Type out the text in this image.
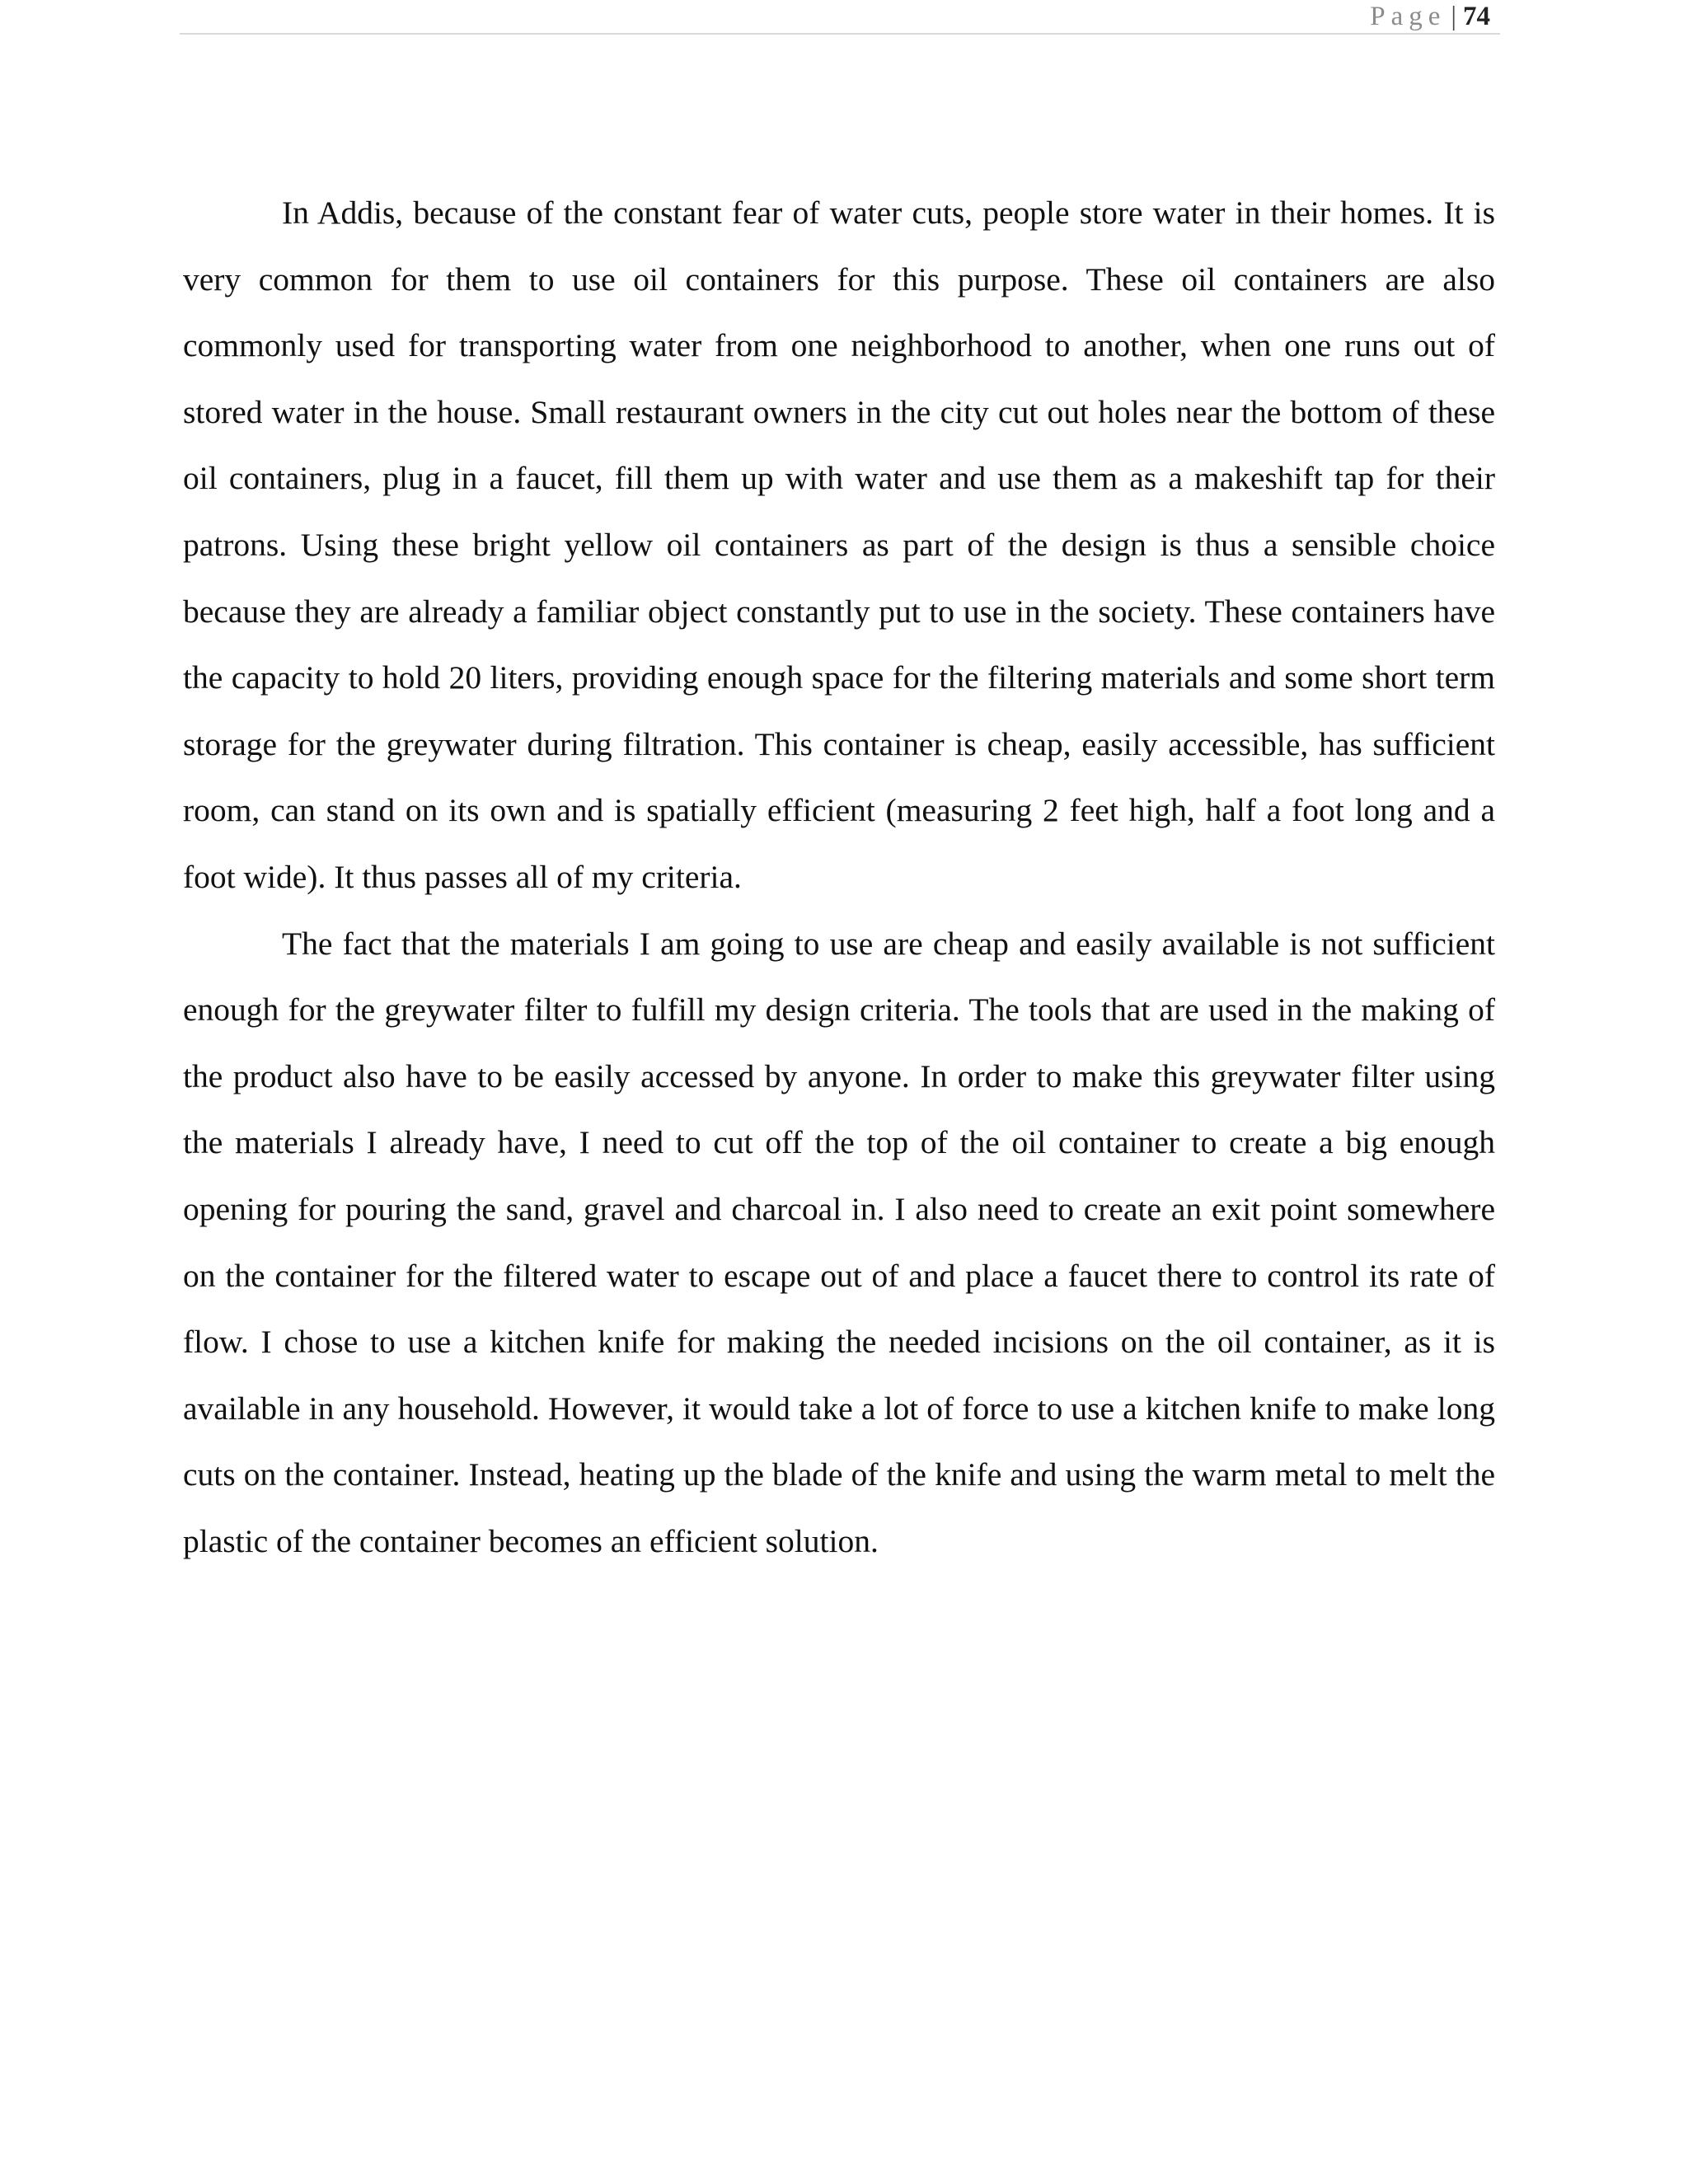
Page | 74

In Addis, because of the constant fear of water cuts, people store water in their homes. It is very common for them to use oil containers for this purpose. These oil containers are also commonly used for transporting water from one neighborhood to another, when one runs out of stored water in the house. Small restaurant owners in the city cut out holes near the bottom of these oil containers, plug in a faucet, fill them up with water and use them as a makeshift tap for their patrons. Using these bright yellow oil containers as part of the design is thus a sensible choice because they are already a familiar object constantly put to use in the society. These containers have the capacity to hold 20 liters, providing enough space for the filtering materials and some short term storage for the greywater during filtration. This container is cheap, easily accessible, has sufficient room, can stand on its own and is spatially efficient (measuring 2 feet high, half a foot long and a foot wide). It thus passes all of my criteria.

The fact that the materials I am going to use are cheap and easily available is not sufficient enough for the greywater filter to fulfill my design criteria. The tools that are used in the making of the product also have to be easily accessed by anyone. In order to make this greywater filter using the materials I already have, I need to cut off the top of the oil container to create a big enough opening for pouring the sand, gravel and charcoal in. I also need to create an exit point somewhere on the container for the filtered water to escape out of and place a faucet there to control its rate of flow. I chose to use a kitchen knife for making the needed incisions on the oil container, as it is available in any household. However, it would take a lot of force to use a kitchen knife to make long cuts on the container. Instead, heating up the blade of the knife and using the warm metal to melt the plastic of the container becomes an efficient solution.
